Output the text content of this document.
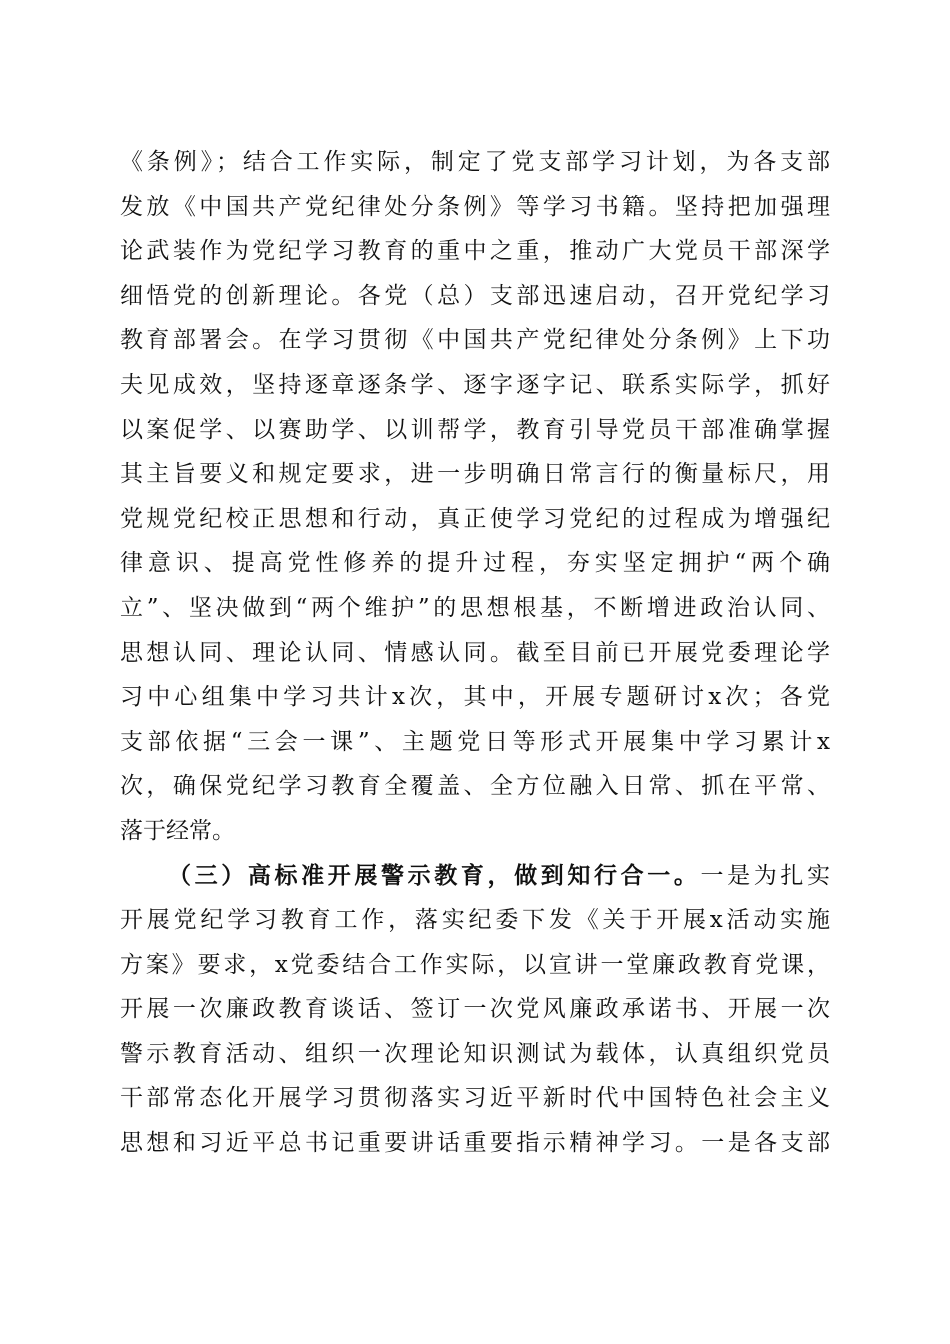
《条例》；结合工作实际，制定了党支部学习计划，为各支部
发放《中国共产党纪律处分条例》等学习书籍。坚持把加强理
论武装作为党纪学习教育的重中之重，推动广大党员干部深学
细悟党的创新理论。各党（总）支部迅速启动，召开党纪学习
教育部署会。在学习贯彻《中国共产党纪律处分条例》上下功
夫见成效，坚持逐章逐条学、逐字逐字记、联系实际学，抓好
以案促学、以赛助学、以训帮学，教育引导党员干部准确掌握
其主旨要义和规定要求，进一步明确日常言行的衡量标尺，用
党规党纪校正思想和行动，真正使学习党纪的过程成为增强纪
律意识、提高党性修养的提升过程，夯实坚定拥护“两个确
立”、坚决做到“两个维护”的思想根基，不断增进政治认同、
思想认同、理论认同、情感认同。截至目前已开展党委理论学
习中心组集中学习共计x次，其中，开展专题研讨x次；各党
支部依据“三会一课”、主题党日等形式开展集中学习累计x
次，确保党纪学习教育全覆盖、全方位融入日常、抓在平常、
落于经常。
（三）高标准开展警示教育，做到知行合一。一是为扎实
开展党纪学习教育工作，落实纪委下发《关于开展x活动实施
方案》要求，x党委结合工作实际，以宣讲一堂廉政教育党课，
开展一次廉政教育谈话、签订一次党风廉政承诺书、开展一次
警示教育活动、组织一次理论知识测试为载体，认真组织党员
干部常态化开展学习贯彻落实习近平新时代中国特色社会主义
思想和习近平总书记重要讲话重要指示精神学习。一是各支部
